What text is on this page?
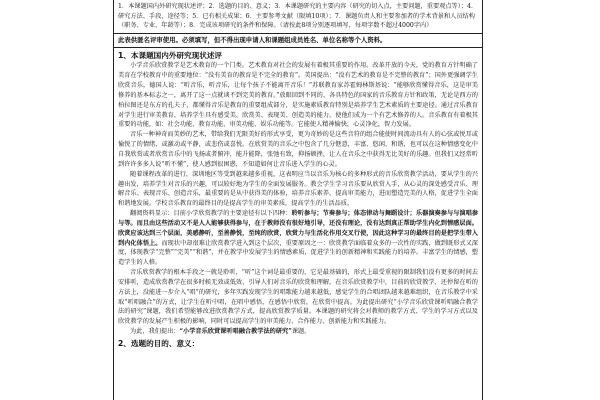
1．本课题国内外研究现状述评；2．选题的目的、意义；3．本课题研究的主要内容（研究的切入点，主要问题，重要观点等）；4．研究方法、手段、途径等；5．已有相关成果；6．主要参考文献（限填10项）；7．课题负责人和主要参加者的学术背景和人员结构（职务、专业、年龄等）；8．完成该项研究的条件和保障。（请按此8项分别逐项填写，每项字数不超过4000字内）
此表供匿名评审使用。必须填写，但不得出现申请人和课题组成员姓名、单位名称等个人资料。
1、本课题国内外研究现状述评

小学音乐欣赏教学是艺术教育的一个门类。艺术教育对社会的发展有着极其重要的作用。改革开放的今天，党的教育方针明确了美育在学校教育中的重要地位：“没有美育的教育是不完全的教育”。美国提出：“没有艺术的教育是不完整的教育”；国外更强调学生欣赏音乐，德国人说：“听音乐，听音乐，让每个孩子不能离开音乐！”苏联教育家苏霍姆林斯基说：“能够欣赏懂得音乐，这是审美修养的基本标志之一，离开了这一点就谈不到完美的教育。”放眼回到不同的、各具特色的国家的音乐教育方针和政策，无论是西方的柏拉图还是东方的孔夫子，都懂得音乐是教育的重要组成部分，是实施素质教育特别是培养学生艺术素质的主要途径。通过音乐教育对学生进行审美教育，培养学生具有感受美、欣赏美、表现美、创造美的能力，使他们成为一个有艺术修养的人。音乐教育有着极其重要的功能，如：社会功能、教育功能、审美功能、娱乐功能等。它能使人精神愉快，心灵净化，智力发展。

音乐一种神奇而美妙的艺术，带给我们无限美好的形式享受，更为奇妙的是这些音符的组合能使时间流动具有人的心弦或悦耳或愉悦了的情绪，或激动或平静，或悲伤或喜悦。在欣赏美的音乐之中包含了几分惬意，丰富、悠闲、和谐，也可以在这种情感变化中自我欣赏或者欣赏音乐中的飞扬或者俯冲，能升能降，张弛有致，抑扬顿挫，让人在音乐之中获得无比美好的乐趣。但我们又经常听到许许多多人说“听不懂”，使人感到很困惑，不知道如何让音乐进入学生的心灵。

随着课程改革的进行，深圳地区等受到越来越多重视，这表明应当以音乐为核心的多种形式的音乐欣赏教学活动，要从学生的兴趣出发，培养学生对音乐的兴趣，可以较好地为学生的全面发展服务。教会学生学习音乐要从欣赏入手，从心灵的深处感受音乐、理解音乐、表现音乐、创造音乐，最重要的是从中获得美的体验，培养音乐素养，提高审美能力，进而塑造完美的人格，促进学生全面和谐地发展。学校音乐教育的最终目的是提高学生的审美素质，提高学生的生活品质。

翻阅资料显示：目前小学欣赏教学的主要途径有以下四种：聆听参与；节奏参与；体态律动与舞蹈设计；乐器演奏参与与演唱参与等。而且由这些活动又不是人人能够获得参与，在于教师没有很好地引导，还没有理论，没有达到真正帮助学生内化到情感层面。欣赏应该达到三个层面，美感静听，至善静悦，至纯的欣赏，欣赏力与生活化作用交叉行使，因此这种学习的最终目的是把学生带入到内化体悟上。而现状中却很难让欣赏教学进入到这个层次，重要原因之一：欣赏教学面临着众多的一次性的实践，做到既形式又深度，体现教学“完整”“完美”“和谐”，并在教学中发展学生的情感素质，促进学生的创新精神和实践能力的培养。丰富学生的情感，塑造学生的人格。

音乐欣赏教学的根本手段之一就是聆听，“听”这个词是最重要的，它是最基础的，形式上最受重视的限制我们没有更多的时间去安排听，造成欣赏教学在很多时候无效或低效，引导人们对音乐的欣赏和理解，在音乐欣赏教学中，目前的欣赏教学，还停留在听的方法上，没能进一步介入“唱”的研究，多年实践发现学生的唱歌能力越来越低，感觉学生的合唱团队越来越难组织，在音乐教学中采取“听唱融合”的方式，让学生在听中唱，在唱中感悟，在感悟中欣赏，在欣赏中提高。为此提出研究“小学音乐欣赏课听唱融合教学法的研究”课题，我们希望能够改进欣赏教学方式，提高欣赏教学质量。本课题的研究将会对教师的教学方式、学生的学习方式以及欣赏教学的发展产生积极的影响，同时可以提高学生的审美能力、合作能力、创新能力和实践能力。

为此，我们提出：“小学音乐欣赏课听唱融合教学法的研究”课题。

2、选题的目的、意义：
